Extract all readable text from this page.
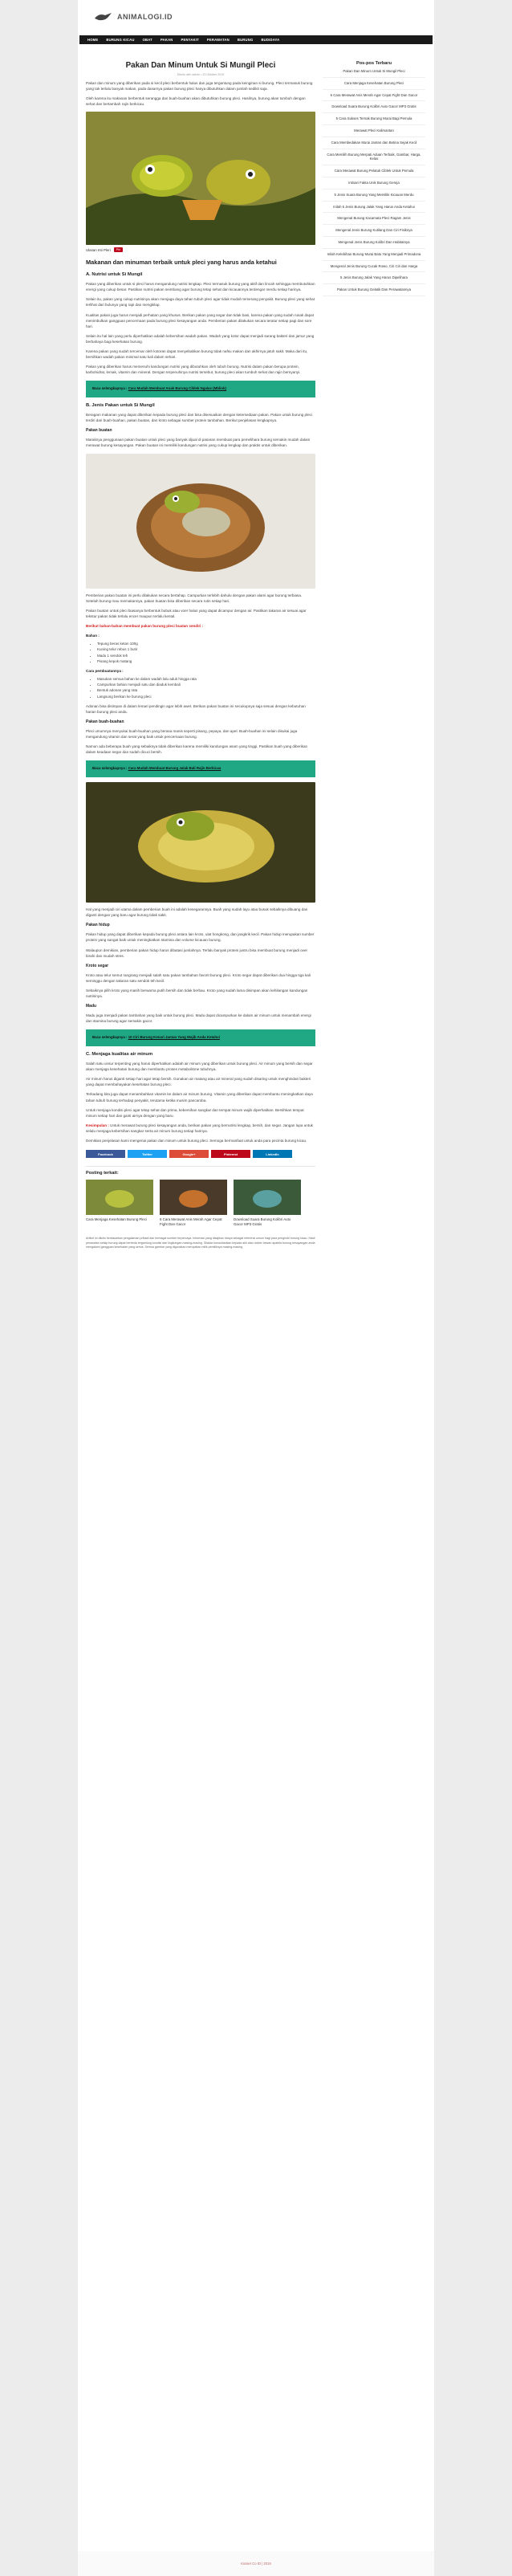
ANIMALOGI.ID
HOME BURUNG KICAU OBAT PAKAN PENYAKIT PERAWATAN BURUNG BUDIDAYA
Pakan Dan Minum Untuk Si Mungil Pleci
Ditulis oleh admin • 23 Oktober 2019

Pakan dan minum yang diberikan pada si kecil pleci berbentuk halus dan juga tergantung pada keinginan si burung. Pleci termasuk burung yang tak terlalu banyak makan, pada dasarnya pakan burung pleci hanya dibutuhkan dalam jumlah sedikit saja.

Oleh karena itu makanan berbentuk serangga dan buah-buahan akan dibutuhkan burung pleci. Hasilnya, burung akan tumbuh dengan sehat dan bertambah rajin berkicau.

Ulasan Inti Pleri	Pin
Makanan dan minuman terbaik untuk pleci yang harus anda ketahui
A. Nutrisi untuk Si Mungil

Pakan yang diberikan untuk si pleci harus mengandung nutrisi lengkap. Pleci termasuk burung yang aktif dan lincah sehingga membutuhkan energi yang cukup besar. Pastikan nutrisi pakan seimbang agar burung tetap sehat dan kicauannya terdengar merdu setiap harinya.

Selain itu, pakan yang cukup nutrisinya akan menjaga daya tahan tubuh pleci agar tidak mudah terserang penyakit. Burung pleci yang sehat terlihat dari bulunya yang rapi dan mengkilap.

Kualitas pakan juga harus menjadi perhatian yang khusus. Berikan pakan yang segar dan tidak basi, karena pakan yang sudah rusak dapat menimbulkan gangguan pencernaan pada burung pleci kesayangan anda. Pemberian pakan dilakukan secara teratur setiap pagi dan sore hari.

Selain itu hal lain yang perlu diperhatikan adalah kebersihan wadah pakan. Wadah yang kotor dapat menjadi sarang bakteri dan jamur yang berbahaya bagi kesehatan burung.

Karena pakan yang sudah tercemar oleh kotoran dapat menyebabkan burung tidak nafsu makan dan akhirnya jatuh sakit. Maka dari itu, bersihkan wadah pakan minimal satu kali dalam sehari.

Pakan yang diberikan harus memenuhi kandungan nutrisi yang dibutuhkan oleh tubuh burung. Nutrisi dalam pakan berupa protein, karbohidrat, lemak, vitamin dan mineral. Dengan terpenuhinya nutrisi tersebut, burung pleci akan tumbuh sehat dan rajin bernyanyi.

Baca selengkapnya : Cara Mudah Membuat Anak Burung Ciblek Ngalas (Mbliok)
B. Jenis Pakan untuk Si Mungil

Beragam makanan yang dapat diberikan kepada burung pleci dan bisa disesuaikan dengan ketersediaan pakan. Pakan untuk burung pleci terdiri dari buah-buahan, pakan buatan, dan kroto sebagai sumber protein tambahan. Berikut penjelasan lengkapnya.

Pakan buatan

Maraknya penggunaan pakan buatan untuk pleci yang banyak dijual di pasaran membuat para pemelihara burung semakin mudah dalam merawat burung kesayangan. Pakan buatan ini memiliki kandungan nutrisi yang cukup lengkap dan praktis untuk diberikan.

Pemberian pakan buatan ini perlu dilakukan secara bertahap. Campurkan terlebih dahulu dengan pakan alami agar burung terbiasa. Setelah burung mau memakannya, pakan buatan bisa diberikan secara rutin setiap hari.

Pakan buatan untuk pleci biasanya berbentuk bubuk atau voer halus yang dapat dicampur dengan air. Pastikan takaran air sesuai agar tekstur pakan tidak terlalu encer maupun terlalu kental.

Berikut bahan-bahan membuat pakan burung pleci buatan sendiri :

Bahan :

• Tepung beras ketan 100g
• Kuning telur rebus 1 butir
• Madu 1 sendok teh
• Pisang kepok matang

Cara pembuatannya :

• Masukan semua bahan ke dalam wadah lalu aduk hingga rata
• Campurkan bahan menjadi satu dan diaduk kembali
• Bentuk adonan yang rata
• Langsung berikan ke burung pleci

Adonan bisa disimpan di dalam lemari pendingin agar lebih awet. Berikan pakan buatan ini secukupnya saja sesuai dengan kebutuhan harian burung pleci anda.

Pakan buah-buahan

Pleci umumnya menyukai buah-buahan yang berasa manis seperti pisang, pepaya, dan apel. Buah-buahan ini selain disukai juga mengandung vitamin dan serat yang baik untuk pencernaan burung.

Namun ada beberapa buah yang sebaiknya tidak diberikan karena memiliki kandungan asam yang tinggi. Pastikan buah yang diberikan dalam keadaan segar dan sudah dicuci bersih.

Baca selengkapnya : Cara Mudah Membuat Burung Jalak Bali Rajin Berkicau

Hal yang menjadi ciri utama dalam pemberian buah ini adalah kesegarannya. Buah yang sudah layu atau busuk sebaiknya dibuang dan diganti dengan yang baru agar burung tidak sakit.

Pakan hidup

Pakan hidup yang dapat diberikan kepada burung pleci antara lain kroto, ulat hongkong, dan jangkrik kecil. Pakan hidup merupakan sumber protein yang sangat baik untuk meningkatkan stamina dan volume kicauan burung.

Walaupun demikian, pemberian pakan hidup harus dibatasi jumlahnya. Terlalu banyak protein justru bisa membuat burung menjadi over birahi dan mudah stres.

Kroto segar

Kroto atau telur semut rangrang menjadi salah satu pakan tambahan favorit burung pleci. Kroto segar dapat diberikan dua hingga tiga kali seminggu dengan takaran satu sendok teh kecil.

Sebaiknya pilih kroto yang masih berwarna putih bersih dan tidak berbau. Kroto yang sudah lama disimpan akan kehilangan kandungan nutrisinya.

Madu

Madu juga menjadi pakan tambahan yang baik untuk burung pleci. Madu dapat dicampurkan ke dalam air minum untuk menambah energi dan stamina burung agar semakin gacor.

Baca selengkapnya : 10 Ciri Burung Kenari Jantan Yang Wajib Anda Ketahui
C. Menjaga kualitas air minum

Salah satu unsur terpenting yang harus diperhatikan adalah air minum yang diberikan untuk burung pleci. Air minum yang bersih dan segar akan menjaga kesehatan burung dan membantu proses metabolisme tubuhnya.

Air minum harus diganti setiap hari agar tetap bersih. Gunakan air matang atau air mineral yang sudah disaring untuk menghindari bakteri yang dapat membahayakan kesehatan burung pleci.

Terkadang kita juga dapat menambahkan vitamin ke dalam air minum burung. Vitamin yang diberikan dapat membantu meningkatkan daya tahan tubuh burung terhadap penyakit, terutama ketika musim pancaroba.

Untuk menjaga kondisi pleci agar tetap sehat dan prima, kebersihan sangkar dan tempat minum wajib diperhatikan. Bersihkan tempat minum setiap hari dan ganti airnya dengan yang baru.

Kesimpulan : Untuk merawat burung pleci kesayangan anda, berikan pakan yang bernutrisi lengkap, bersih, dan segar. Jangan lupa untuk selalu menjaga kebersihan sangkar serta air minum burung setiap harinya.

Demikian penjelasan kami mengenai pakan dan minum untuk burung pleci. Semoga bermanfaat untuk anda para pecinta burung kicau.

Facebook	Twitter	Google+	Pinterest	LinkedIn
Posting terkait:
Cara Menjaga Kesehatan Burung Pleci	6 Cara Merawat Anis Merah Agar Cepat Fight Dan Gacor
Download Suara Burung Kolibri Auto Gacor MP3 Gratis

Artikel ini ditulis berdasarkan pengalaman pribadi dan berbagai sumber terpercaya. Informasi yang disajikan hanya sebagai referensi umum bagi para penghobi burung kicau. Hasil perawatan setiap burung dapat berbeda tergantung kondisi dan lingkungan masing-masing. Silakan konsultasikan kepada ahli atau dokter hewan apabila burung kesayangan anda mengalami gangguan kesehatan yang serius. Semua gambar yang digunakan merupakan milik pemiliknya masing-masing.

Pos-pos Terbaru
Pakan Dan Minum Untuk Si Mungil Pleci
Cara Menjaga Kesehatan Burung Pleci
6 Cara Merawat Anis Merah Agar Cepat Fight Dan Gacor
Download Suara Burung Kolibri Auto Gacor MP3 Gratis
5 Cara Sukses Ternak Burung Murai Bagi Pemula
Merawat Pleci Kalimantan
Cara Membedakan Murai Jantan dan Betina Sejak Kecil
Cara Memilih Burung Merpati Aduan Terbaik, Gambar, Harga, Kelas
Cara Merawat Burung Pelatuk Ciblek Untuk Pemula
Intisari Fakta Unik Burung Gereja
5 Jenis Suara Burung Yang Memiliki Kicauan Merdu
Inilah 5 Jenis Burung Jalak Yang Harus Anda Ketahui
Mengenal Burung Kacamata Pleci Ragam Jenis
Mengenal Jenis Burung Kutilang Dan Ciri Fisiknya
Mengenal Jenis Burung Kolibri Dan Habitatnya
Inilah Kelebihan Burung Murai Batu Yang Menjadi Primadona
Mengenal Jenis Burung Cucak Rowo, Ciri Ciri dan Harga
5 Jenis Burung Jalak Yang Harus Dipelihara
Pakan Untuk Burung Gelatik Dan Perawatannya
Kiosier Co ID | 2019
